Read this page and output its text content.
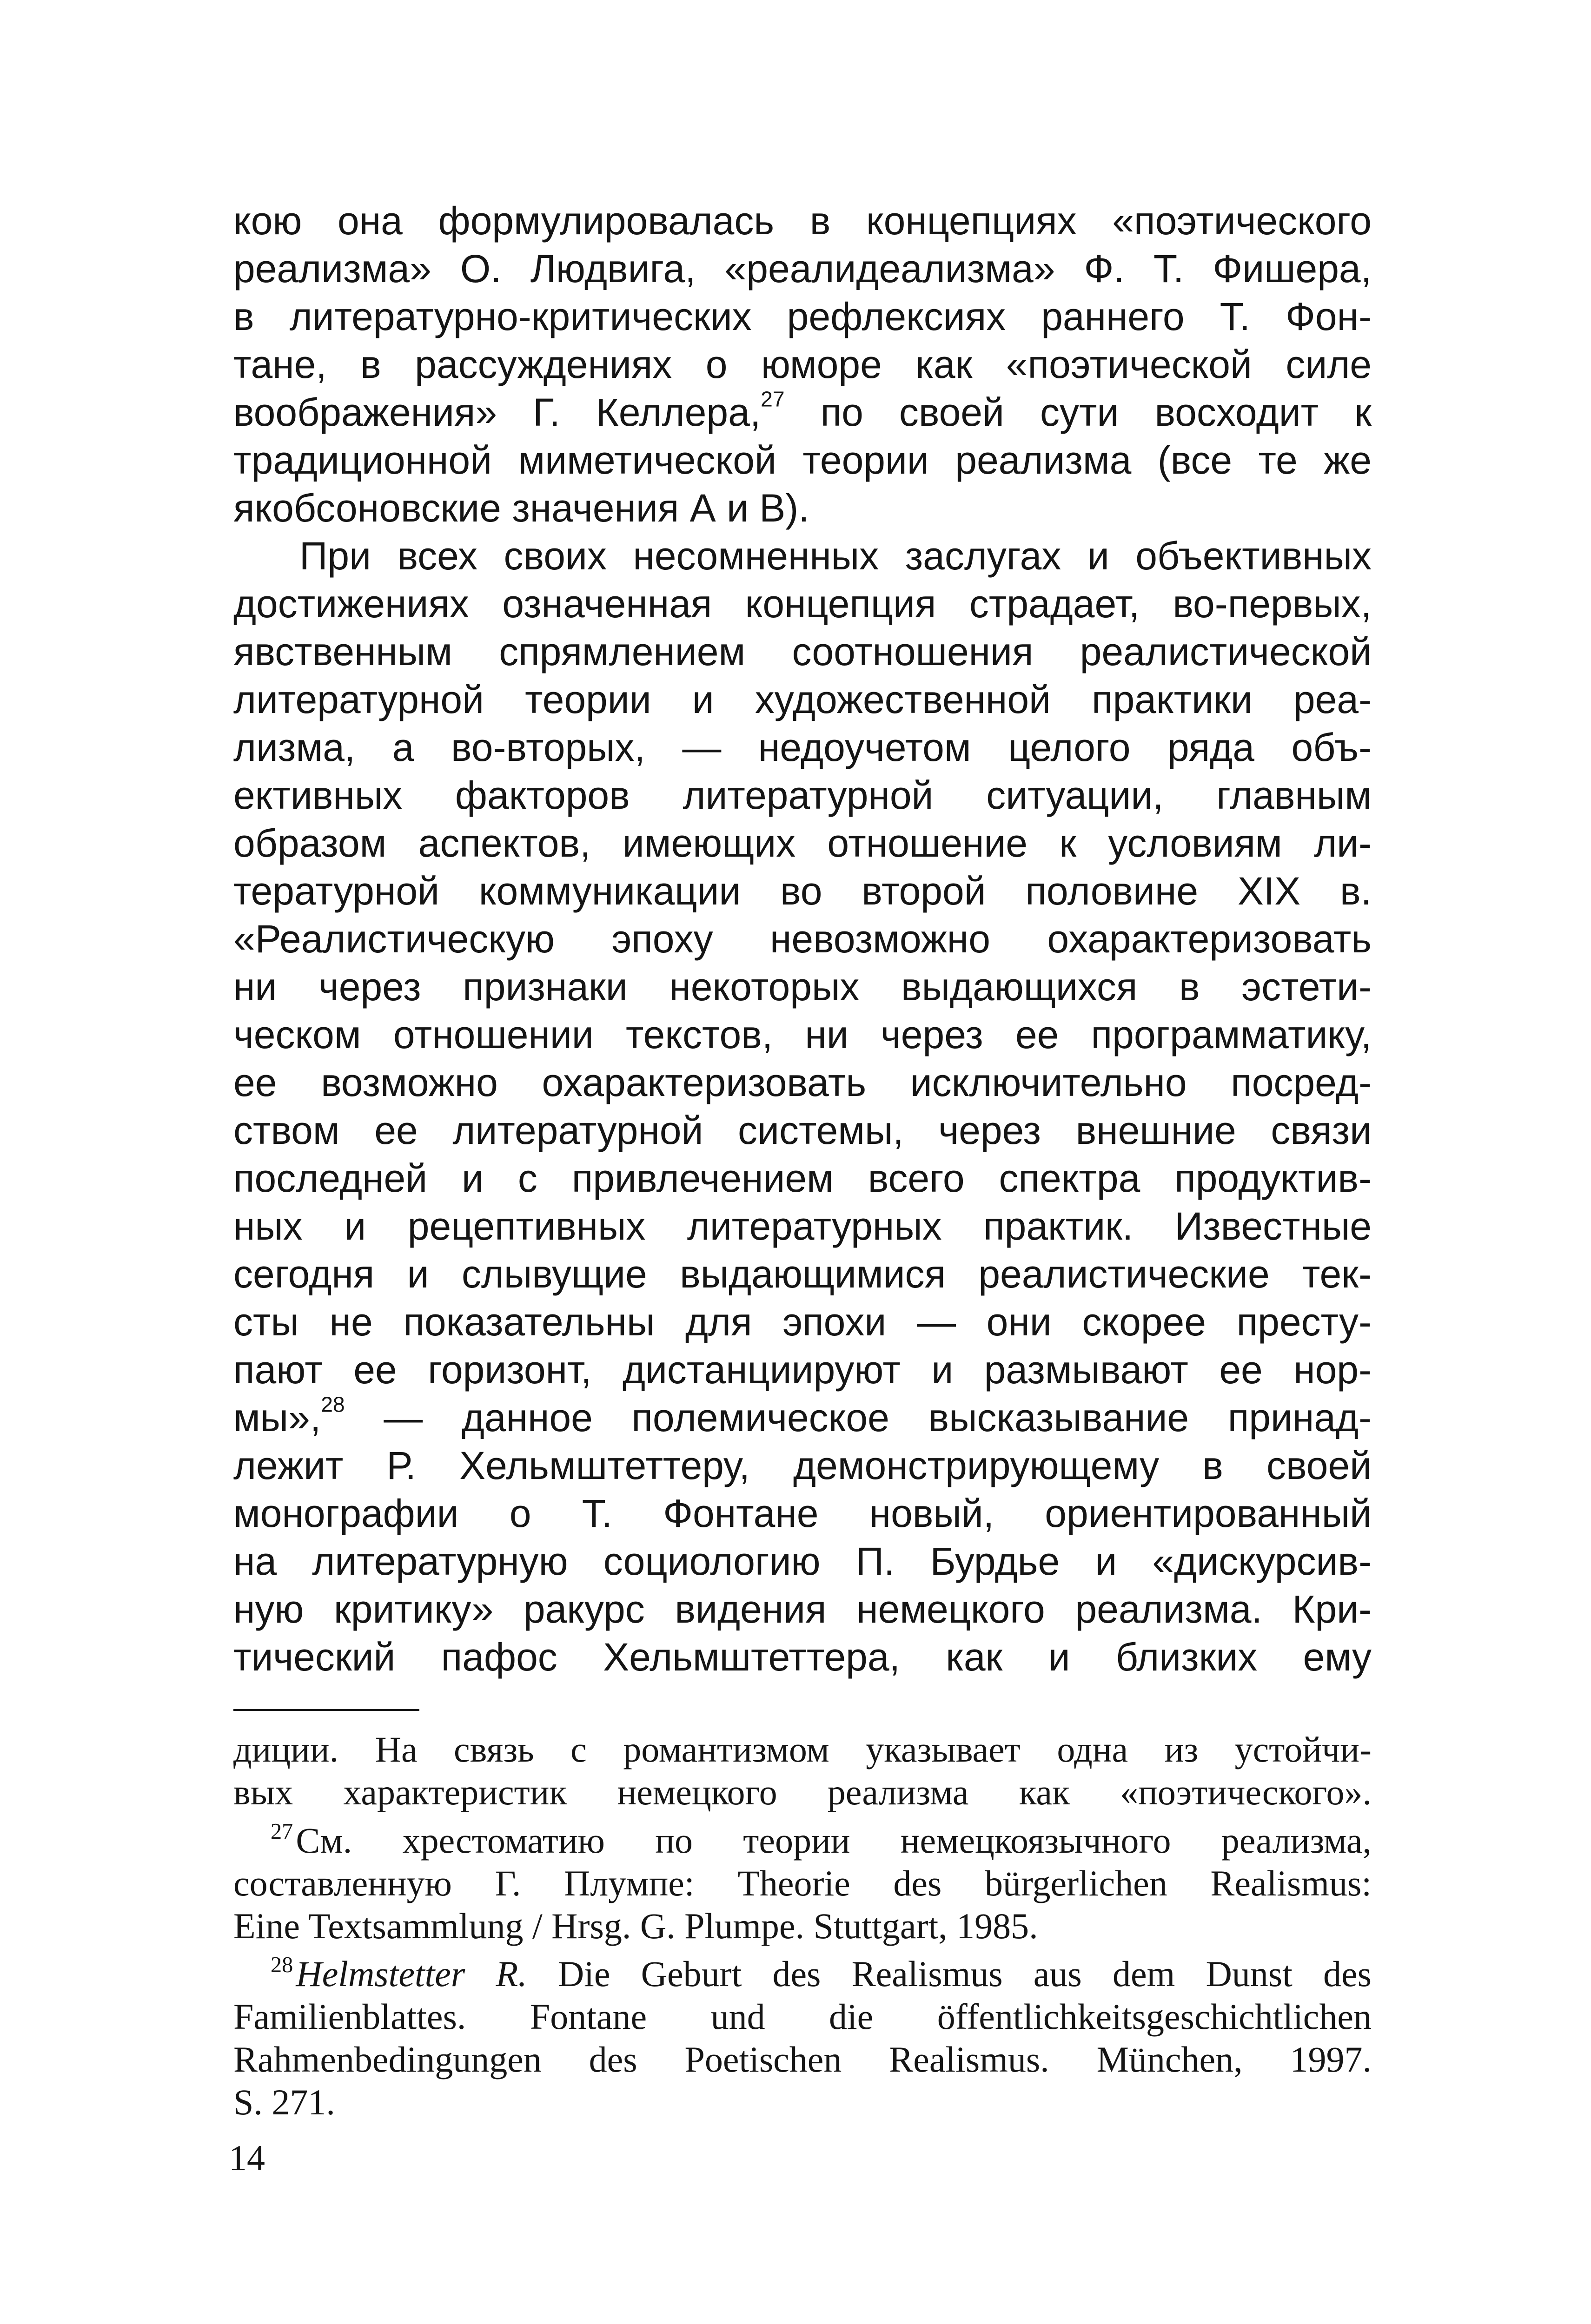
кою она формулировалась в концепциях «поэтического
реализма» О. Людвига, «реалидеализма» Ф. Т. Фишера,
в литературно-критических рефлексиях раннего Т. Фон-
тане, в рассуждениях о юморе как «поэтической силе
воображения» Г. Келлера,$^{27}$ по своей сути восходит к
традиционной миметической теории реализма (все те же
якобсоновские значения А и В).
При всех своих несомненных заслугах и объективных
достижениях означенная концепция страдает, во-первых,
явственным спрямлением соотношения реалистической
литературной теории и художественной практики реа-
лизма, а во-вторых, — недоучетом целого ряда объ-
ективных факторов литературной ситуации, главным
образом аспектов, имеющих отношение к условиям ли-
тературной коммуникации во второй половине XIX в.
«Реалистическую эпоху невозможно охарактеризовать
ни через признаки некоторых выдающихся в эстети-
ческом отношении текстов, ни через ее программатику,
ее возможно охарактеризовать исключительно посред-
ством ее литературной системы, через внешние связи
последней и с привлечением всего спектра продуктив-
ных и рецептивных литературных практик. Известные
сегодня и слывущие выдающимися реалистические тек-
сты не показательны для эпохи — они скорее престу-
пают ее горизонт, дистанциируют и размывают ее нор-
мы»,$^{28}$ — данное полемическое высказывание принад-
лежит Р. Хельмштеттеру, демонстрирующему в своей
монографии о Т. Фонтане новый, ориентированный
на литературную социологию П. Бурдье и «дискурсив-
ную критику» ракурс видения немецкого реализма. Кри-
тический пафос Хельмштеттера, как и близких ему
диции. На связь с романтизмом указывает одна из устойчи-
вых характеристик немецкого реализма как «поэтического».
$^{27}$См. хрестоматию по теории немецкоязычного реализма,
составленную Г. Плумпе: Theorie des bürgerlichen Realismus:
Eine Textsammlung / Hrsg. G. Plumpe. Stuttgart, 1985.
$^{28}$Helmstetter R. Die Geburt des Realismus aus dem Dunst des
Familienblattes. Fontane und die öffentlichkeitsgeschichtlichen
Rahmenbedingungen des Poetischen Realismus. München, 1997.
S. 271.
14
